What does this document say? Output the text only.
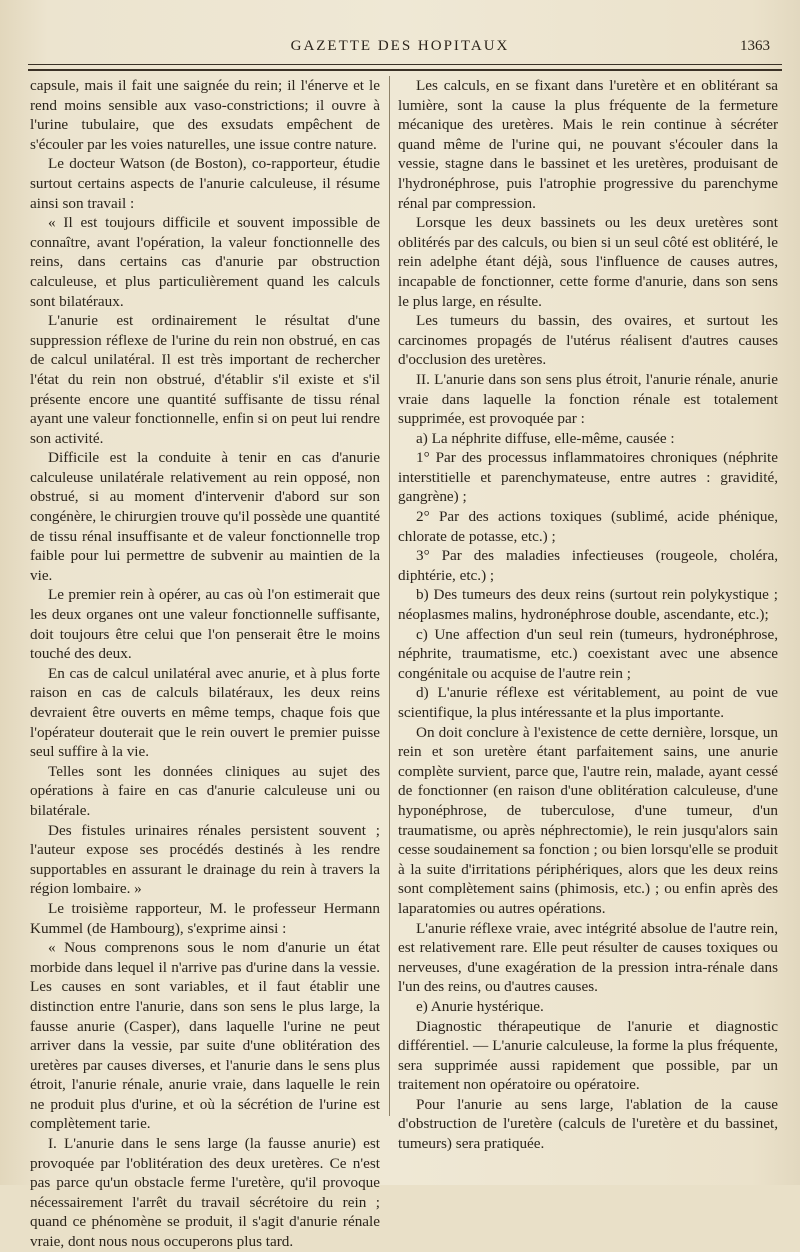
GAZETTE DES HOPITAUX	1363

capsule, mais il fait une saignée du rein; il l'énerve et le rend moins sensible aux vaso-constrictions; il ouvre à l'urine tubulaire, que des exsudats empêchent de s'écouler par les voies naturelles, une issue contre nature.

Le docteur Watson (de Boston), co-rapporteur, étudie surtout certains aspects de l'anurie calculeuse, il résume ainsi son travail :

« Il est toujours difficile et souvent impossible de connaître, avant l'opération, la valeur fonctionnelle des reins, dans certains cas d'anurie par obstruction calculeuse, et plus particulièrement quand les calculs sont bilatéraux.

L'anurie est ordinairement le résultat d'une suppression réflexe de l'urine du rein non obstrué, en cas de calcul unilatéral. Il est très important de rechercher l'état du rein non obstrué, d'établir s'il existe et s'il présente encore une quantité suffisante de tissu rénal ayant une valeur fonctionnelle, enfin si on peut lui rendre son activité.

Difficile est la conduite à tenir en cas d'anurie calculeuse unilatérale relativement au rein opposé, non obstrué, si au moment d'intervenir d'abord sur son congénère, le chirurgien trouve qu'il possède une quantité de tissu rénal insuffisante et de valeur fonctionnelle trop faible pour lui permettre de subvenir au maintien de la vie.

Le premier rein à opérer, au cas où l'on estimerait que les deux organes ont une valeur fonctionnelle suffisante, doit toujours être celui que l'on penserait être le moins touché des deux.

En cas de calcul unilatéral avec anurie, et à plus forte raison en cas de calculs bilatéraux, les deux reins devraient être ouverts en même temps, chaque fois que l'opérateur douterait que le rein ouvert le premier puisse seul suffire à la vie.

Telles sont les données cliniques au sujet des opérations à faire en cas d'anurie calculeuse uni ou bilatérale.

Des fistules urinaires rénales persistent souvent ; l'auteur expose ses procédés destinés à les rendre supportables en assurant le drainage du rein à travers la région lombaire. »

Le troisième rapporteur, M. le professeur Hermann Kummel (de Hambourg), s'exprime ainsi :

« Nous comprenons sous le nom d'anurie un état morbide dans lequel il n'arrive pas d'urine dans la vessie. Les causes en sont variables, et il faut établir une distinction entre l'anurie, dans son sens le plus large, la fausse anurie (Casper), dans laquelle l'urine ne peut arriver dans la vessie, par suite d'une oblitération des uretères par causes diverses, et l'anurie dans le sens plus étroit, l'anurie rénale, anurie vraie, dans laquelle le rein ne produit plus d'urine, et où la sécrétion de l'urine est complètement tarie.

I. L'anurie dans le sens large (la fausse anurie) est provoquée par l'oblitération des deux uretères. Ce n'est pas parce qu'un obstacle ferme l'uretère, qu'il provoque nécessairement l'arrêt du travail sécrétoire du rein ; quand ce phénomène se produit, il s'agit d'anurie rénale vraie, dont nous nous occuperons plus tard.

Les calculs, en se fixant dans l'uretère et en oblitérant sa lumière, sont la cause la plus fréquente de la fermeture mécanique des uretères. Mais le rein continue à sécréter quand même de l'urine qui, ne pouvant s'écouler dans la vessie, stagne dans le bassinet et les uretères, produisant de l'hydronéphrose, puis l'atrophie progressive du parenchyme rénal par compression.

Lorsque les deux bassinets ou les deux uretères sont oblitérés par des calculs, ou bien si un seul côté est oblitéré, le rein adelphe étant déjà, sous l'influence de causes autres, incapable de fonctionner, cette forme d'anurie, dans son sens le plus large, en résulte.

Les tumeurs du bassin, des ovaires, et surtout les carcinomes propagés de l'utérus réalisent d'autres causes d'occlusion des uretères.

II. L'anurie dans son sens plus étroit, l'anurie rénale, anurie vraie dans laquelle la fonction rénale est totalement supprimée, est provoquée par :

a) La néphrite diffuse, elle-même, causée :

1° Par des processus inflammatoires chroniques (néphrite interstitielle et parenchymateuse, entre autres : gravidité, gangrène) ;

2° Par des actions toxiques (sublimé, acide phénique, chlorate de potasse, etc.) ;

3° Par des maladies infectieuses (rougeole, choléra, diphtérie, etc.) ;

b) Des tumeurs des deux reins (surtout rein polykystique ; néoplasmes malins, hydronéphrose double, ascendante, etc.);

c) Une affection d'un seul rein (tumeurs, hydronéphrose, néphrite, traumatisme, etc.) coexistant avec une absence congénitale ou acquise de l'autre rein ;

d) L'anurie réflexe est véritablement, au point de vue scientifique, la plus intéressante et la plus importante.

On doit conclure à l'existence de cette dernière, lorsque, un rein et son uretère étant parfaitement sains, une anurie complète survient, parce que, l'autre rein, malade, ayant cessé de fonctionner (en raison d'une oblitération calculeuse, d'une hyponéphrose, de tuberculose, d'une tumeur, d'un traumatisme, ou après néphrectomie), le rein jusqu'alors sain cesse soudainement sa fonction ; ou bien lorsqu'elle se produit à la suite d'irritations périphériques, alors que les deux reins sont complètement sains (phimosis, etc.) ; ou enfin après des laparatomies ou autres opérations.

L'anurie réflexe vraie, avec intégrité absolue de l'autre rein, est relativement rare. Elle peut résulter de causes toxiques ou nerveuses, d'une exagération de la pression intra-rénale dans l'un des reins, ou d'autres causes.

e) Anurie hystérique.

Diagnostic thérapeutique de l'anurie et diagnostic différentiel. — L'anurie calculeuse, la forme la plus fréquente, sera supprimée aussi rapidement que possible, par un traitement non opératoire ou opératoire.

Pour l'anurie au sens large, l'ablation de la cause d'obstruction de l'uretère (calculs de l'uretère et du bassinet, tumeurs) sera pratiquée.
